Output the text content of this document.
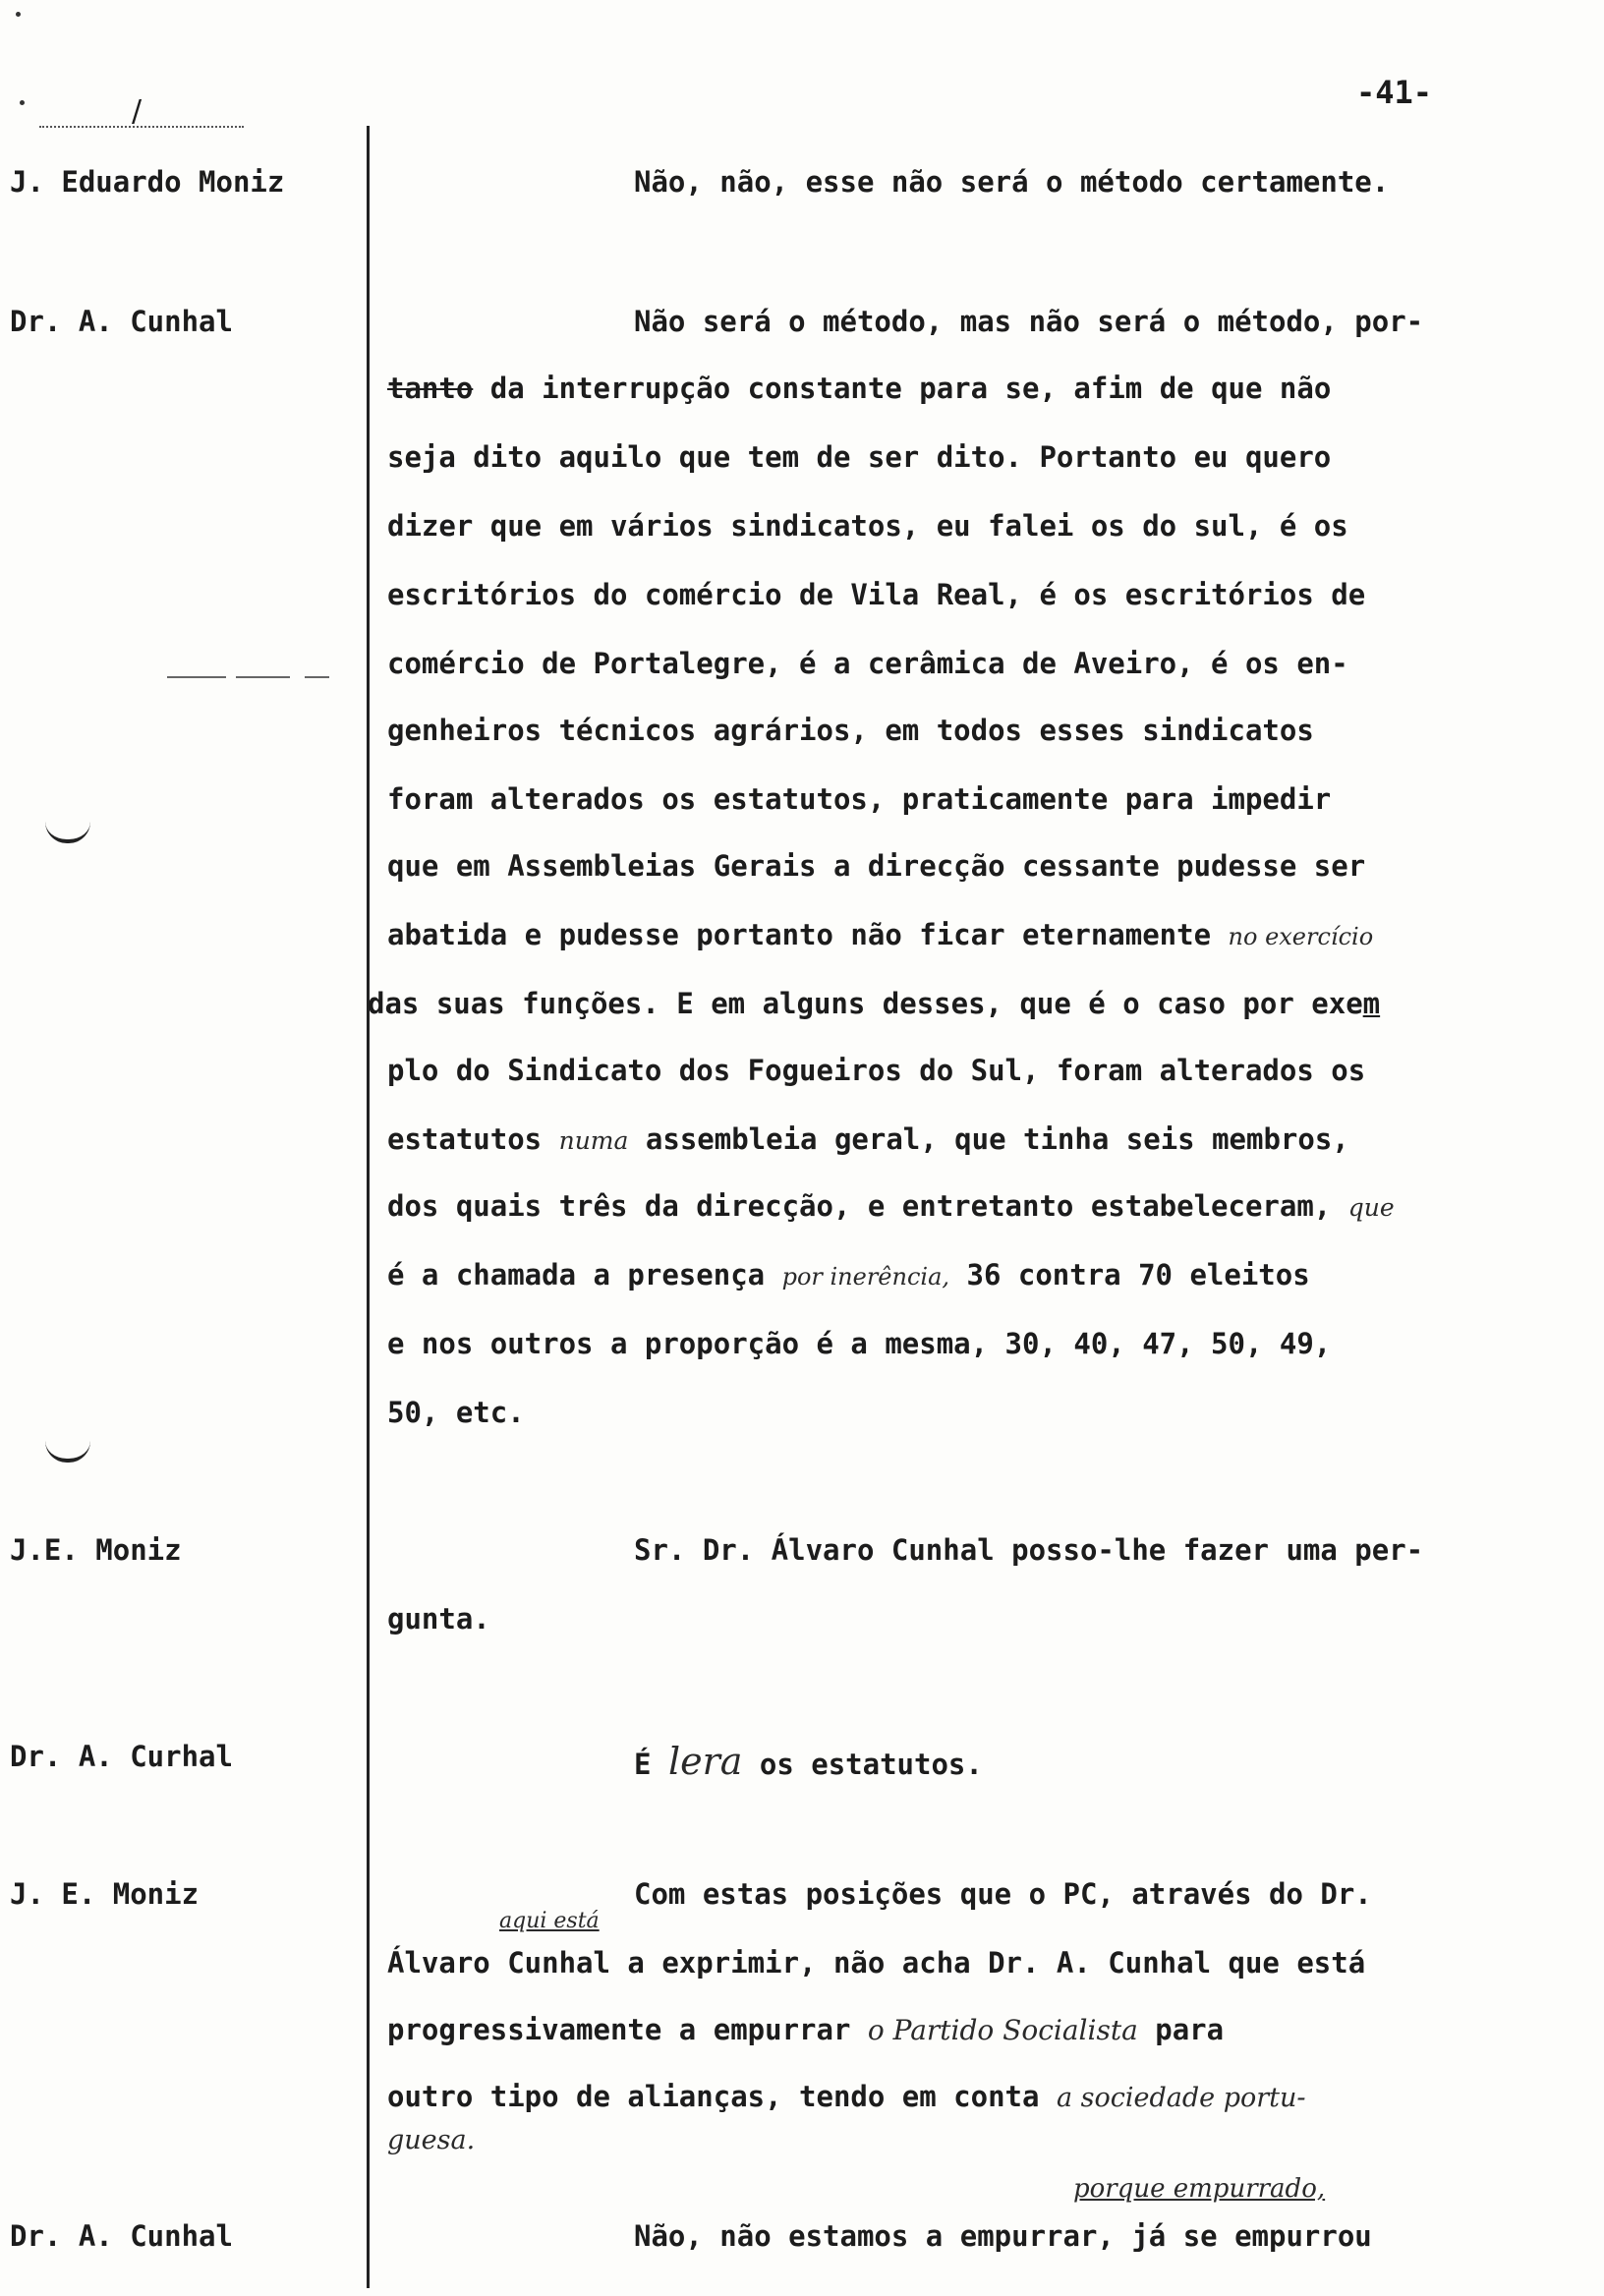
/
-41-
J. Eduardo Moniz
Dr. A. Cunhal
J.E. Moniz
Dr. A. Curhal
J. E. Moniz
Dr. A. Cunhal
Não, não, esse não será o método certamente.
Não será o método, mas não será o método, por-
tanto da interrupção constante para se, afim de que não
seja dito aquilo que tem de ser dito. Portanto eu quero
dizer que em vários sindicatos, eu falei os do sul, é os
escritórios do comércio de Vila Real, é os escritórios de
comércio de Portalegre, é a cerâmica de Aveiro, é os en-
genheiros técnicos agrários, em todos esses sindicatos
foram alterados os estatutos, praticamente para impedir
que em Assembleias Gerais a direcção cessante pudesse ser
abatida e pudesse portanto não ficar eternamente no exercício
das suas funções. E em alguns desses, que é o caso por exem
plo do Sindicato dos Fogueiros do Sul, foram alterados os
estatutos numa assembleia geral, que tinha seis membros,
dos quais três da direcção, e entretanto estabeleceram, que
é a chamada a presença por inerência, 36 contra 70 eleitos
e nos outros a proporção é a mesma, 30, 40, 47, 50, 49,
50, etc.
Sr. Dr. Álvaro Cunhal posso-lhe fazer uma per-
gunta.
É lera os estatutos.
Com estas posições que o PC, através do Dr.
aqui está
Álvaro Cunhal a exprimir, não acha Dr. A. Cunhal que está
progressivamente a empurrar o Partido Socialista para
outro tipo de alianças, tendo em conta a sociedade portu-
guesa.
porque empurrado,
Não, não estamos a empurrar, já se empurrou
